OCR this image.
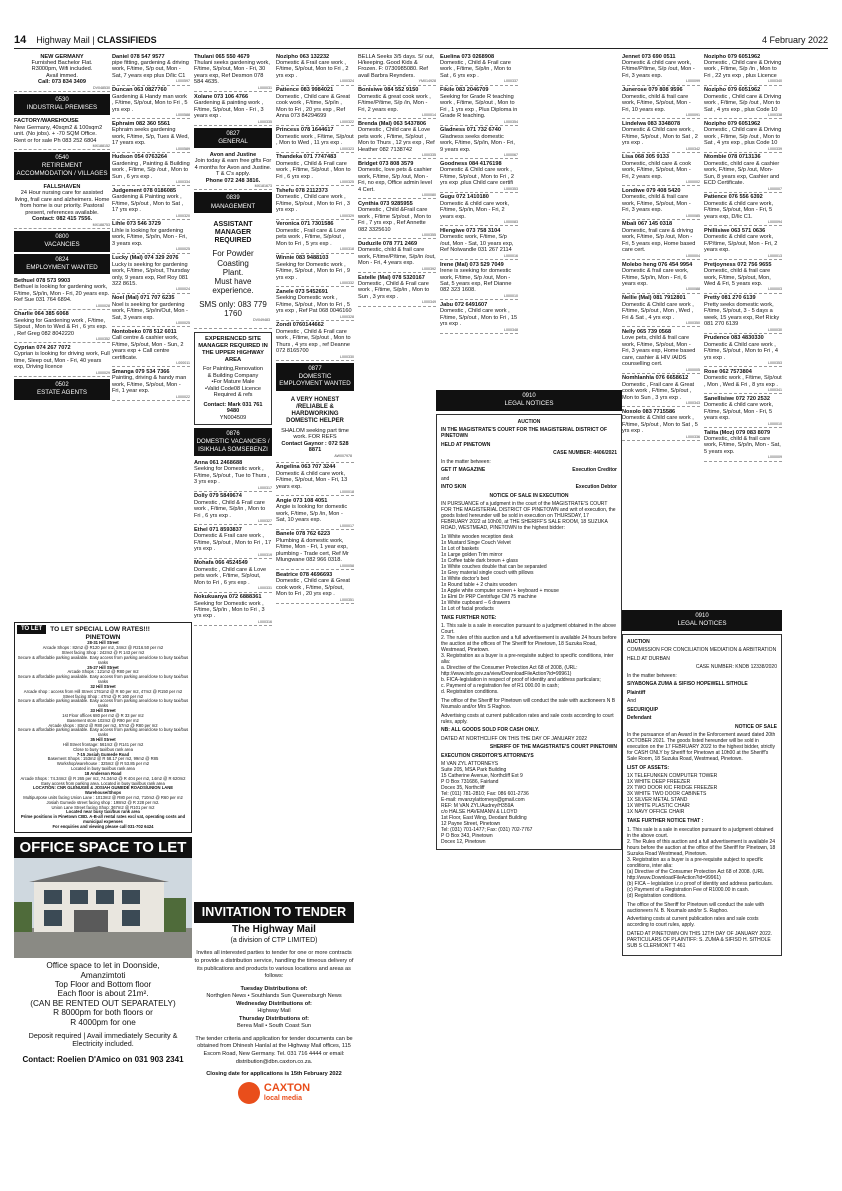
14 Highway Mail | CLASSIFIEDS	4 February 2022
NEW GERMANY
Furnished Bachelor Flat.
R3000pm, Wifi included.
Avail immed.
Call: 073 834 3409
DV048530
0530
INDUSTRIAL PREMISES
FACTORY/WAREHOUSE
New Germany, 40sqm2 & 100sqm2 unit. (No jobs). + -70 SQM Office. Rent or for sale Ph 083 252 6804
MX188152
0540
RETIREMENT ACCOMMODATION / VILLAGES
FALLSHAVEN
24 Hour nursing care for assisted living, frail care and alzheimers. Home from home is our priority. Pastoral present, references available.
Contact: 082 415 7556.
MX188753
0800
VACANCIES
0824
EMPLOYMENT WANTED
Bethuel 078 573 9903
Bethuel is looking for gardening work, F/time, S/p/in, Mon - Fri, 20 years exp. Ref Sue 031 764 6894.
L000028
Charlie 064 385 6068
Seeking for Gardening work , F/time, S/pout , Mon to Wed & Fri , 6 yrs exp. , Ref Greg 082 8042220
L000352
Cyprian 074 267 7072
Cyprian is looking for driving work, Full time, Sleep out, Mon - Fri, 40 years exp, Driving licence
L000029
0502
ESTATE AGENTS
TO LET	TO LET SPECIAL LOW RATES!!!
PINETOWN
28-31 Hill Street
Arcade Shops : 82m2 @ R120 per m2, 34m2 @ R216.50 per m2
Street facing Shop : 242m2 @ R 143 per m2
Secure & affordable parking available. Easy access from parking area/close to busy taxi/bus ranks
25-27 Hill Street
Arcade Shops : 121m2 @ R80 per m2
Secure & affordable parking available. Easy access from parking area/close to busy taxi/bus ranks
32 Hill Street
Arcade shop : access from Hill Street 1761m2 @ R 60 per m2, 47m2 @ R150 per m2
Street facing Shop : 47m2 @ R 160 per m2
Secure & affordable parking available. Easy access from parking area/close to busy taxi/bus ranks
33 Hill Street
1st Floor offices 680 per m2 @ R 33 per m2
Basement store 102m2 @ R90 per m2
Arcade shops : 83m2 @ R80 per m2, 57m2 @ R80 per m2
Secure & affordable parking available. Easy access from parking area/close to busy taxi/bus ranks
35 Hill Street
Hill Street frontage: 561m2 @ R141 per m2
Close to busy taxi/bus rank area
7-15 Josiah Gumede Road
Basement Shops : 153m2 @ R 58.17 per m2, 99m2 @ R85
Workshop/warehouse : 325m2 @ R 53.85 per m2
Located in busy taxi/bus rank area
18 Anderson Road
Arcade Shops : 74.34m2 @ R 265 per m2, 74.34m2 @ R 404 per m2, 14m2 @ R 620m2
Easy access from parking area. Located in busy taxi/bus rank area
LOCATION: CNR GLENUGIE & JOSIAH GUMEDE ROADS/UNION LANE
Warehouse/Shops
Multipurpose units facing Union Lane : 1013m2 @ R80 per m2, 710m2 @ R60 per m2
Josiah Gumede street facing shop : 198m2 @ R 228 per m2.
Union Lane Street facing Shop: 367m2 @ R101 per m2
Located near busy taxi/bus rank area
Prime positions in Pinetown CBD. A-B-all rental rates excl vat, operating costs and municipal expenses
For enquiries and viewing please call 031-702 6424
OFFICE SPACE TO LET
Office space to let in Doonside,
Amanzimtoti
Top Floor and Bottom floor
Each floor is about 21m².
(CAN BE RENTED OUT SEPARATELY)
R 8000pm for both floors or
R 4000pm for one
Deposit required | Avail immediately Security & Electricity included.
Contact: Roelien D'Amico on 031 903 2341
Daniel 078 547 9577
pipe fitting, gardening & driving work, F/time, S/p out, Mon - Sat, 7 years exp plus D/lic C1
L000597
Duncan 063 0827760
Gardening & Handy man work , F/time, S/p/out, Mon to Fri , 5 yrs exp .
L000588
Ephraim 082 360 5561
Ephraim seeks gardening work, F/time, S/p, Tues & Wed, 17 years exp.
L000589
Hudson 054 0763264
Gardening , Painting & Building work , F/time, S/p /out , Mon to Sun , 6 yrs exp .
L000334
Judgement 078 0186085
Gardening & Painting work , F/time, S/p/out , Mon to Sat , 17 yrs exp .
L000320
Lihle 073 546 3729
Lihle is looking for gardening work, F/time, S/p/in, Mon - Fri, 3 years exp.
L000025
Lucky (Mal) 074 329 2076
Lucky is seeking for gardening work, F/time, S/p/out, Thursday only, 9 years exp, Ref Roy 081 322 8615.
L000024
Noel (Mal) 071 707 6235
Noel is seeking for gardening work, F/time, S/p/in/Out, Mon - Sat, 3 years exp.
L000025
Nontobeko 078 512 6011
Call centre & cashier work, F/time, S/p/out, Mon - Sun, 2 years exp + Call centre certificate.
L000011
Smangа 079 534 7366
Painting, driving & handy man work, F/time, S/p/out, Mon - Fri, 1 year exp.
L000022
Thulani 065 550 4679
Thulani seeks gardening work, F/time, S/p/out, Mon - Fri, 30 years exp, Ref Desmon 078 584 4635.
L000031
Xolane 073 106 4766
Gardening & painting work , F/time, S/p/out, Mon - Fri , 3 years exp .
L000335
0827
GENERAL
Avon and Justine
Join today & earn free gifts For 4 months for Avon and Justine. T & C's apply.
Phone 072 248 3816.
MX181673
0839
MANAGEMENT
ASSISTANT MANAGER REQUIRED
For Powder
Coasting
Plant.
Must have
experience.
SMS only: 083 779 1760
DV049483
EXPERIENCED SITE MANAGER REQUIRED IN THE UPPER HIGHWAY AREA
For Painting,Renovation
& Building Company
•For Mature Male
•Valid Code08 Licence
Required & refs
Contact: Mark 031 761 9480
YN004509
0876
DOMESTIC VACANCIES / ISIKHALA SOMSEBENZI
Anna 061 2468688
Seeking for Domestic work , F/time, S/p/out , Tue to Thurs , 3 yrs exp .
L000317
Dolly 079 5849674
Domestic , Child & Frail care work , F/time, S/p/in , Mon to Fri , 6 yrs exp .
L000327
Ethel 071 8593837
Domestic & Frail care work , F/time, S/p/out , Mon to Fri , 17 yrs exp .
L000319
Mohafa 066 4524549
Domestic , Child care & Love pets work , F/time, S/p/out, Mon to Fri , 6 yrs exp .
L000331
Nokukuanya 072 6888361
Seeking for Domestic work , F/time, S/p/in , Mon to Fri , 3 yrs exp .
L000316
Nozipho 063 132232
Domestic & Frail care work , F/time, S/p/out, Mon to Fri , 2 yrs exp .
L000324
Patience 083 9984021
Domestic , Child care & Great cook work , F/time, S/p/in , Mon to Fri , 20 yrs exp , Ref Anna 073 84294699
L000322
Princess 078 1644617
Domestic work , F/time, S/p/out , Mon to Wed , 11 yrs exp .
L000323
Thandeka 071 7747483
Domestic , Child & Frail care work , F/time, S/p/out , Mon to Fri , 6 yrs exp .
L000325
Tshefu 078 2112373
Domestic , Child care work , F/time, S/p/out , Mon to Fri , 3 yrs exp .
L000329
Veronica 071 7301586
Domestic , Frail care & Love pets work , F/time, S/p/out , Mon to Fri , 5 yrs exp .
L000318
Winnie 083 9488103
Seeking for Domestic work , F/time, S/p/out , Mon to Fri , 9 yrs exp .
L000332
Zanele 073 5452691
Seeking Domestic work , F/time, S/p/out , Mon to Fri , 5 yrs exp , Ref Pat 068 0046160
L000328
Zondi 0760144662
Domestic , Child & Frail care work , F/time, S/p/out , Mon to Thurs , 4 yrs exp , ref Deanne 072 8165700
L000330
0877
DOMESTIC EMPLOYMENT WANTED
A VERY HONEST /RELIABLE & HARDWORKING DOMESTIC HELPER
SHALOM seeking part time work. FOR REFS
Contact Gaynor : 072 528 8871
AW007978
Angelina 063 707 3244
Domestic & child care work, F/time, S/p/out, Mon - Fri, 13 years exp.
L000018
Angie 073 108 4051
Angie is looking for domestic work, F/time, S/p /in, Mon - Sat, 10 years exp.
L000017
Banele 078 762 6223
Plumbing & domestic work, F/time, Mon - Fri, 1 year exp, plumbing - Trade cert, Ref Mr Mlungwane 082 966 0318.
L000058
Beatrice 078 4696693
Domestic , Child care & Great cook work , F/time, S/p/out, Mon to Fri , 20 yrs exp .
L000351
BELLA Seeks 3/5 days. S/ out, H/keeping. Good Kids & Frozen. F: 0730985080. Ref avail Barbra Reynders.
YM014928
Bonisiwe 084 552 9150
Domestic & great cook work , F/time/P/time, S/p /in, Mon - Fri, 2 years exp.
L000014
Brenda (Mal) 063 5437806
Domestic , Child care & Love pets work , F/time, S/p/out , Mon to Thurs , 12 yrs exp , Ref Heather 082 7138742
L000335
Bridget 073 808 3579
Domestic, love pets & cashier work, F/time, S/p /out, Mon - Fri, no exp, Office admin level 4 Cert.
L000080
Cynthia 073 9285955
Domestic , Child &Frail care work , F/time S/p/out , Mon to Fri , 7 yrs exp , Ref Annette 082 3325610
L000355
Duduzile 078 771 2469
Domestic, child & frail care work, F/time/P/time, S/p/in /out, Mon - Fri, 4 years exp.
L000392
Estelle (Mal) 078 5320167
Domestic , Child & Frail care work , F/time, S/p/in , Mon to Sun , 3 yrs exp .
L000349
Euelina 073 0268908
Domestic , Child & Frail care work , F/time, S/p/in , Mon to Sat , 6 yrs exp .
L000337
Fikile 083 2046709
Seeking for Grade R teaching work , F/time, S/p/out , Mon to Fri , 1 yrs exp , Plus Diploma in Grade R teaching.
L000354
Gladness 071 732 6740
Gladness seeks domestic work, F/time, S/p/in, Mon - Fri, 9 years exp.
L000067
Goodness 084 4176198
Domestic & Child care work , F/time, S/p/out , Mon to Fri , 2 yrs exp ,plus Child care certifi
L000353
Gugu 072 1410180
Domestic & child care work, F/time, S/p/in, Mon - Fri, 2 years exp.
L000083
Hlengiwe 073 758 3104
Domestic work, F/time, S/p /out, Mon - Sat, 10 years exp, Ref Nolwandle 031 267 2114
L000016
Irene (Mal) 073 529 7049
Irene is seeking for domestic work, F/time, S/p /out, Mon - Sat, 5 years exp, Ref Dianne 082 323 1608.
L000010
Jabu 072 6491607
Domestic , Child care work , F/time, S/p/out , Mon to Fri , 15 yrs exp .
L000348
INVITATION TO TENDER
The Highway Mail
(a division of CTP LIMITED)
Invites all interested parties to tender for one or more contracts to provide a distribution service, handling the timeous delivery of its publications and products to various locations and areas as follows:
Tuesday Distributions of:
Northglen News • Southlands Sun Queensburgh News
Wednesday Distributions of:
Highway Mail
Thursday Distributions of:
Berea Mail • South Coast Sun
The tender criteria and application for tender documents can be obtained from Dhinesh Hanlal at the Highway Mail offices, 115 Escom Road, New Germany. Tel. 031 716 4444 or email: distribution@dbn.caxton.co.za.
Closing date for applications is 15th February 2022
CAXTON
local media
0910
LEGAL NOTICES

AUCTION

IN THE MAGISTRATE'S COURT FOR THE MAGISTERIAL DISTRICT OF PINETOWN

HELD AT PINETOWN

CASE NUMBER: 4406/2021

In the matter between:

GET IT MAGAZINE	Execution Creditor

and

INTO SKIN	Execution Debtor

NOTICE OF SALE IN EXECUTION

IN PURSUANCE of a judgment in the court of the MAGISTRATE'S COURT FOR THE MAGISTERIAL DISTRICT OF PINETOWN and writ of execution, the goods listed hereunder will be sold in execution on THURSDAY, 17 FEBRUARY 2022 at 10h00, at THE SHERIFF'S SALE ROOM, 18 SUZUKA ROAD, WESTMEAD, PINETOWN to the highest bidder:

1x White wooden reception desk
1x Mustard Singe Couch Velvet
1x Lot of baskets
1x Large golden Trim mirror
1x Coffee table dark brown + glass
1x White couches double that can be separated
1x Grey material single couch with pillows
1x White doctor's bed
1x Round table + 2 chairs wooden
1x Apple white computer screen + keyboard + mouse
1x Elmi Dr PRP Centrifuge CM 75 machine
1x White cupboard – 6 drawers
1x Lot of facial products

TAKE FURTHER NOTE:

1. This sale is a sale in execution pursuant to a judgment obtained in the above Court.
2. The rules of this auction and a full advertisement is available 24 hours before the auction at the offices of The Sheriff for Pinetown, 18 Suzuka Road, Westmead, Pinetown.
3. Registration as a buyer is a pre-requisite subject to specific conditions, inter alia:
a. Directive of the Consumer Protection Act 68 of 2008, (URL: http://www.info.gov.za/view/DownloadFileAction?id=99961)
b. FICA-legislation in respect of proof of identity and address particulars;
c. Payment of a registration fee of R1 000.00 in cash;
d. Registration conditions.

The office of the Sheriff for Pinetown will conduct the sale with auctioneers N B Nxumalo and/or Mrs S Raghoo.

Advertising costs at current publication rates and sale costs according to court rules, apply.

NB: ALL GOODS SOLD FOR CASH ONLY.

DATED AT NORTHCLIFF ON THIS THE DAY OF JANUARY 2022

SHERIFF OF THE MAGISTRATE'S COURT PINETOWN

EXECUTION CREDITOR'S ATTORNEYS

M VAN ZYL ATTORNEYS
Suite 205, MSA Park Building
15 Catherine Avenue, Northcliff Ext 9
P O Box 731686, Fairland
Docex 35, Northcliff
Tel: (011) 781-2810; Fax: 086 601-2736
E-mail: mvanzylattorneys@gmail.com
REF: M VAN ZYL/Audrey/H359A
c/o HALSE HAVEMANN & LLOYD
1st Floor, East Wing, Deodant Building
12 Payne Street, Pinetown
Tel: (031) 701-1477; Fax: (031) 702-7767
P O Box 343, Pinetown
Docex 12, Pinetown
Jennet 073 690 0511
Domestic & child care work, F/time/P/time, S/p /out, Mon - Fri, 3 years exp.
L000099
Junerose 079 808 9596
Domestic, child & frail care work, F/time, S/p/out, Mon - Fri, 10 years exp.
L000091
Lindelwa 083 3348078
Domestic & Child care work , F/time, S/p/out , Mon to Sat , 2 yrs exp .
L000342
Lisa 068 305 9133
Domestic, child care & cook work, F/time, S/p/out, Mon - Fri, 2 years exp.
L000002
Londiwe 079 408 5420
Domestic, child & frail care work, F/time, S/p/out, Mon - Fri, 3 years exp.
L000085
Mbali 067 145 0318
Domestic, frail care & driving work, F/time, S/p /out, Mon - Fri, 5 years exp, Home based care cert.
L000004
Molebo heng 076 454 9954
Domestic & frail care work, F/time, S/p/in, Mon - Fri, 6 years exp.
L000088
Nellie (Mal) 081 7912801
Domestic & Child care work , F/time, S/p/out , Mon , Wed , Fri & Sat , 4 yrs exp .
L000350
Nelly 065 739 0568
Love pets, child & frail care work, F/time, S/p/out, Mon - Fri, 3 years exp, Home based care, cashier & HIV /AIDS counselling cert.
L000005
Nomhlanhla 076 6658612
Domestic , Frail care & Great cook work , F/time, S/p/out , Mon to Sun , 3 yrs exp .
L000343
Noxolo 083 7715586
Domestic & Child care work , F/time, S/p/out , Mon to Sat , 5 yrs exp .
L000336
Nozipho 079 6051962
Domestic , Child care & Driving work , F/time, S/p /in , Mon to Fri , 22 yrs exp , plus Licence
L000340
Nozipho 079 6051962
Domestic , Child care & Driving work , F/time, S/p /out , Mon to Sat , 4 yrs exp , plus Code 10
L000338
Nozipho 079 6051962
Domestic , Child care & Driving work , F/time, S/p /out , Mon to Sat , 4 yrs exp , plus Code 10
L000339
Ntombie 078 0713136
Domestic, child care & cashier work, F/time, S/p /out, Mon-Sun, 8 years exp, Cashier and ECD Certificate.
L000007
Patience 076 556 6392
Domestic & child care work, F/time, S/p/out, Mon - Fri, 5 years exp, D/lic C1.
L000094
Phillisiwe 063 571 0636
Domestic & child care work, F/P/time, S/p/out, Mon - Fri, 2 years exp.
L000013
Pretjoyness 072 756 9655
Domestic, child & frail care work, F/time, S/p/out, Mon, Wed & Fri, 5 years exp.
L000003
Pretty 081 270 6139
Pretty seeks domestic work, F/time, S/p/out, 3 - 5 days a week, 15 years exp, Ref Ricky 081 270 6139
L000030
Prudence 083 4830330
Domestic & Child care work , F/time, S/p/out , Mon to Fri , 4 yrs exp .
L000353
Rose 062 7573804
Domestic work , F/time, S/p/out , Mon , Wed & Fri , 8 yrs exp .
L000341
Sanellisiwe 072 720 2532
Domestic & child care work, F/time, S/p/out, Mon - Fri, 5 years exp.
L000010
Talita (Moz) 079 083 8079
Domestic, child & frail care work, F/time, S/p/in, Mon - Sat, 5 years exp.
L000009
0910
LEGAL NOTICES

AUCTION

COMMISSION FOR CONCILIATION MEDIATION & ARBITRATION

HELD AT DURBAN

CASE NUMBER: KNDB 12338/2020

In the matter between:

SIYABONGA ZUMA & SIFISO HOPEWELL SITHOLE

Plaintiff

And

SECURIQUIP

Defendant

NOTICE OF SALE

In the pursuance of an Award in the Enforcement award dated 20th OCTOBER 2021. The goods listed hereunder will be sold in execution on the 17 FEBRUARY 2022 to the highest bidder, strictly for CASH ONLY by Sheriff for Pinetown at 10h00 at the Sheriff's Sale Room, 18 Suzuka Road, Westmead, Pinetown.

LIST OF ASSETS:

1X TELEFUNKEN COMPUTER TOWER
1X WHITE DEEP FREEZER
2X TWO DOOR KIC FRIDGE FREEZER
3X WHITE TWO DOOR CABINETS
1X SILVER METAL STAND
1X WHITE PLASTIC CHAIR
1X NAVY OFFICE CHAIR

TAKE FURTHER NOTICE THAT :

1. This sale is a sale in execution pursuant to a judgment obtained in the above court.
2. The Rules of this auction and a full advertisement is available 24 hours before the auction at the office of the Sheriff for Pinetown, 18 Suzuka Road Westmead, Pinetown.
3. Registration as a buyer is a pre-requisite subject to specific conditions, inter alia:
(a) Directive of the Consumer Protection Act 68 of 2008. (URL http://www.DownloadFileAction?id=99961)
(b) FICA – legislation i.r.o proof of identity and address particulars.
(c) Payment of a Registration Fee of R1000.00 in cash.
(d) Registration conditions.

The office of the Sheriff for Pinetown will conduct the sale with auctioneers N. B. Nxumalo and/or S. Raghoo.

Advertising costs at current publication rates and sale costs according to court rules, apply.

DATED AT PINETOWN ON THIS 12TH DAY OF JANUARY 2022. PARTICULARS OF PLAINTIFF: S. ZUMA & SIFISO H. SITHOLE SUB S CLERMONT T 461
